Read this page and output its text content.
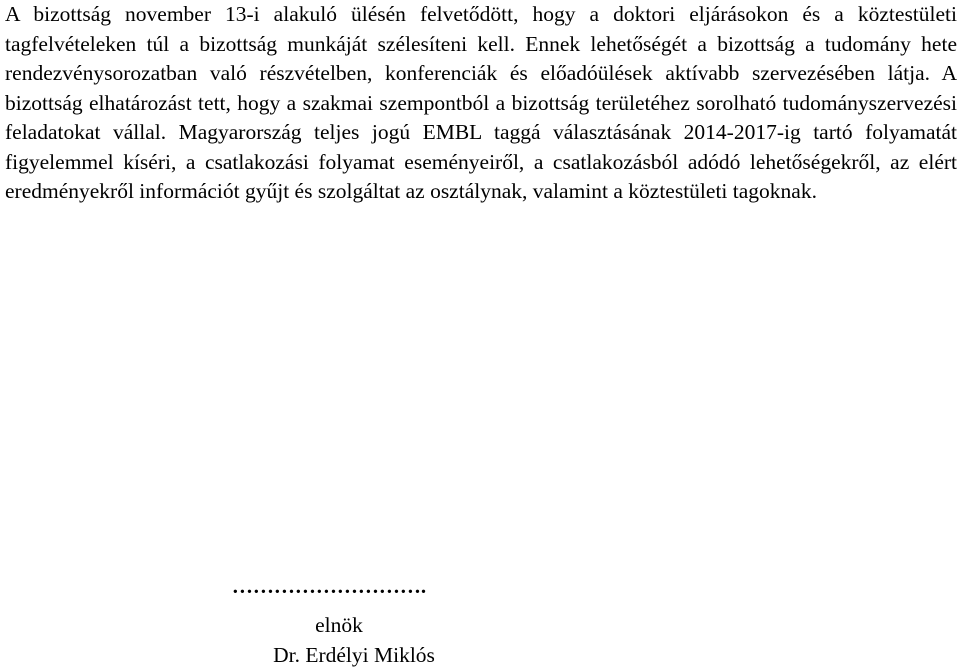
A bizottság november 13-i alakuló ülésén felvetődött, hogy a doktori eljárásokon és a köztestületi tagfelvételeken túl a bizottság munkáját szélesíteni kell. Ennek lehetőségét a bizottság a tudomány hete rendezvénysorozatban való részvételben, konferenciák és előadóülések aktívabb szervezésében látja. A bizottság elhatározást tett, hogy a szakmai szempontból a bizottság területéhez sorolható tudományszervezési feladatokat vállal. Magyarország teljes jogú EMBL taggá választásának 2014-2017-ig tartó folyamatát figyelemmel kíséri, a csatlakozási folyamat eseményeiről, a csatlakozásból adódó lehetőségekről, az elért eredményekről információt gyűjt és szolgáltat az osztálynak, valamint a köztestületi tagoknak.

……………………….
elnök
Dr. Erdélyi Miklós
